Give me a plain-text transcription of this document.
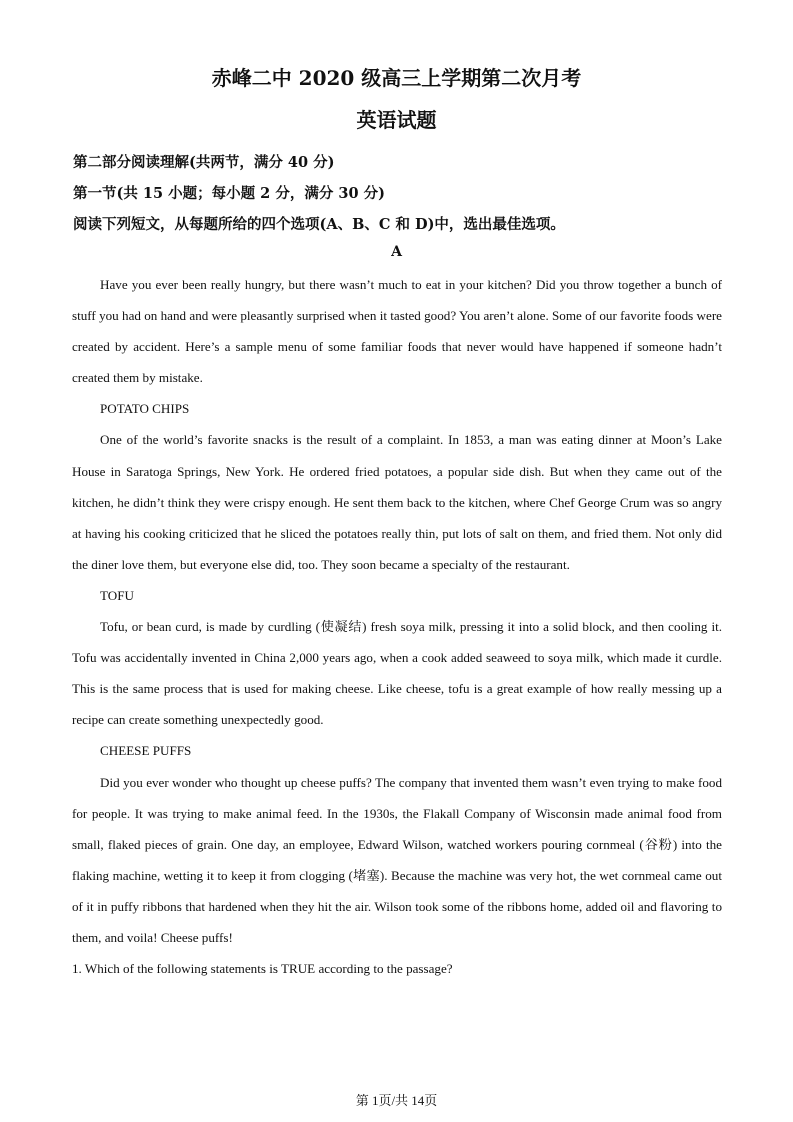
赤峰二中 2020 级高三上学期第二次月考
英语试题
第二部分阅读理解(共两节，满分 40 分)
第一节(共 15 小题；每小题 2 分，满分 30 分)
阅读下列短文，从每题所给的四个选项(A、B、C 和 D)中，选出最佳选项。
A

Have you ever been really hungry, but there wasn’t much to eat in your kitchen? Did you throw together a bunch of stuff you had on hand and were pleasantly surprised when it tasted good? You aren’t alone. Some of our favorite foods were created by accident. Here’s a sample menu of some familiar foods that never would have happened if someone hadn’t created them by mistake.

POTATO CHIPS

One of the world’s favorite snacks is the result of a complaint. In 1853, a man was eating dinner at Moon’s Lake House in Saratoga Springs, New York. He ordered fried potatoes, a popular side dish. But when they came out of the kitchen, he didn’t think they were crispy enough. He sent them back to the kitchen, where Chef George Crum was so angry at having his cooking criticized that he sliced the potatoes really thin, put lots of salt on them, and fried them. Not only did the diner love them, but everyone else did, too. They soon became a specialty of the restaurant.

TOFU

Tofu, or bean curd, is made by curdling (使凝结) fresh soya milk, pressing it into a solid block, and then cooling it. Tofu was accidentally invented in China 2,000 years ago, when a cook added seaweed to soya milk, which made it curdle. This is the same process that is used for making cheese. Like cheese, tofu is a great example of how really messing up a recipe can create something unexpectedly good.

CHEESE PUFFS

Did you ever wonder who thought up cheese puffs? The company that invented them wasn’t even trying to make food for people. It was trying to make animal feed. In the 1930s, the Flakall Company of Wisconsin made animal food from small, flaked pieces of grain. One day, an employee, Edward Wilson, watched workers pouring cornmeal (谷粉) into the flaking machine, wetting it to keep it from clogging (堵塞). Because the machine was very hot, the wet cornmeal came out of it in puffy ribbons that hardened when they hit the air. Wilson took some of the ribbons home, added oil and flavoring to them, and voila! Cheese puffs!

1. Which of the following statements is TRUE according to the passage?

第 1页/共 14页
